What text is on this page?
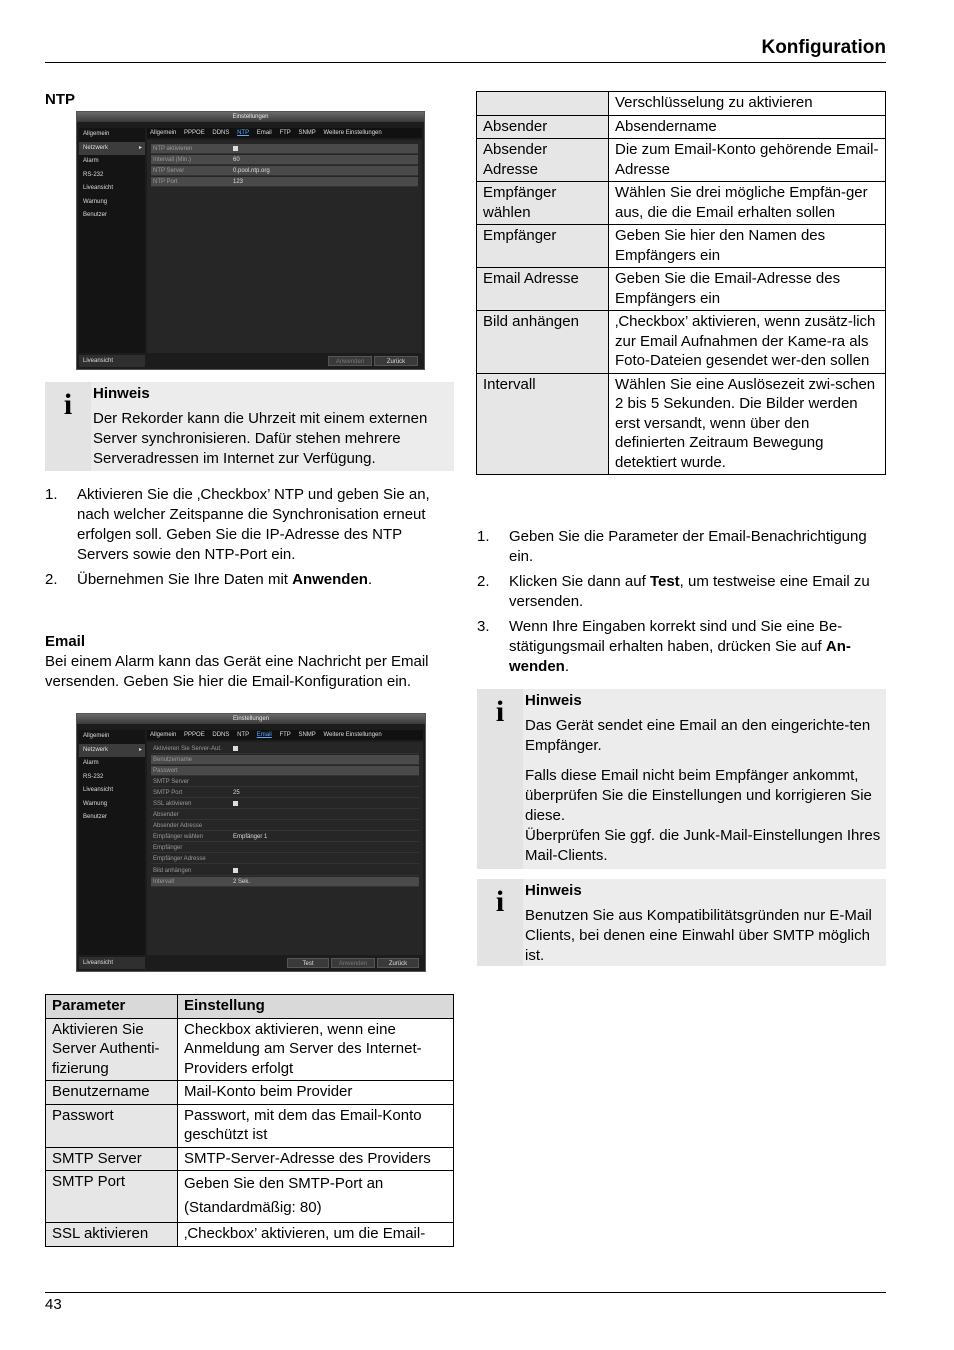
Konfiguration
NTP
Einstellungen
Allgemein
Netzwerk	▸
Alarm
RS-232
Liveansicht
Warnung
Benutzer
Allgemein PPPOE DDNS NTP Email FTP SNMP Weitere Einstellungen
NTP aktivieren
Intervall (Min.)	60
NTP Server	0.pool.ntp.org
NTP Port	123
Liveansicht	Anwenden	Zurück
i	Hinweis

Der Rekorder kann die Uhrzeit mit einem externen Server synchronisieren. Dafür stehen mehrere Serveradressen im Internet zur Verfügung.

1. Aktivieren Sie die ‚Checkbox’ NTP und geben Sie an, nach welcher Zeitspanne die Synchronisation erneut erfolgen soll. Geben Sie die IP-Adresse des NTP Servers sowie den NTP-Port ein.
2. Übernehmen Sie Ihre Daten mit Anwenden.
Email

Bei einem Alarm kann das Gerät eine Nachricht per Email versenden. Geben Sie hier die Email-Konfiguration ein.

Einstellungen
Allgemein
Netzwerk	▸
Alarm
RS-232
Liveansicht
Warnung
Benutzer
Allgemein PPPOE DDNS NTP Email FTP SNMP Weitere Einstellungen
Aktivieren Sie Server-Aut.
Benutzername
Passwort
SMTP Server
SMTP Port	25
SSL aktivieren
Absender
Absender Adresse
Empfänger wählen	Empfänger 1
Empfänger
Empfänger Adresse
Bild anhängen
Intervall	2 Sek.
Liveansicht	Test	Anwenden	Zurück
Parameter	Einstellung
Aktivieren Sie Server Authenti-fizierung	Checkbox aktivieren, wenn eine Anmeldung am Server des Internet-Providers erfolgt
Benutzername	Mail-Konto beim Provider
Passwort	Passwort, mit dem das Email-Konto geschützt ist
SMTP Server	SMTP-Server-Adresse des Providers
SMTP Port	Geben Sie den SMTP-Port an (Standardmäßig: 80)
SSL aktivieren	‚Checkbox’ aktivieren, um die Email-
	Verschlüsselung zu aktivieren
Absender	Absendername
Absender Adresse	Die zum Email-Konto gehörende Email-Adresse
Empfänger wählen	Wählen Sie drei mögliche Empfän-ger aus, die die Email erhalten sollen
Empfänger	Geben Sie hier den Namen des Empfängers ein
Email Adresse	Geben Sie die Email-Adresse des Empfängers ein
Bild anhängen	‚Checkbox’ aktivieren, wenn zusätz-lich zur Email Aufnahmen der Kame-ra als Foto-Dateien gesendet wer-den sollen
Intervall	Wählen Sie eine Auslösezeit zwi-schen 2 bis 5 Sekunden. Die Bilder werden erst versandt, wenn über den definierten Zeitraum Bewegung detektiert wurde.
1. Geben Sie die Parameter der Email-Benachrichtigung ein.
2. Klicken Sie dann auf Test, um testweise eine Email zu versenden.
3. Wenn Ihre Eingaben korrekt sind und Sie eine Be-stätigungsmail erhalten haben, drücken Sie auf An-wenden.
i	Hinweis

Das Gerät sendet eine Email an den eingerichte-ten Empfänger.

Falls diese Email nicht beim Empfänger ankommt, überprüfen Sie die Einstellungen und korrigieren Sie diese.

Überprüfen Sie ggf. die Junk-Mail-Einstellungen Ihres Mail-Clients.

i	Hinweis

Benutzen Sie aus Kompatibilitätsgründen nur E-Mail Clients, bei denen eine Einwahl über SMTP möglich ist.

43
